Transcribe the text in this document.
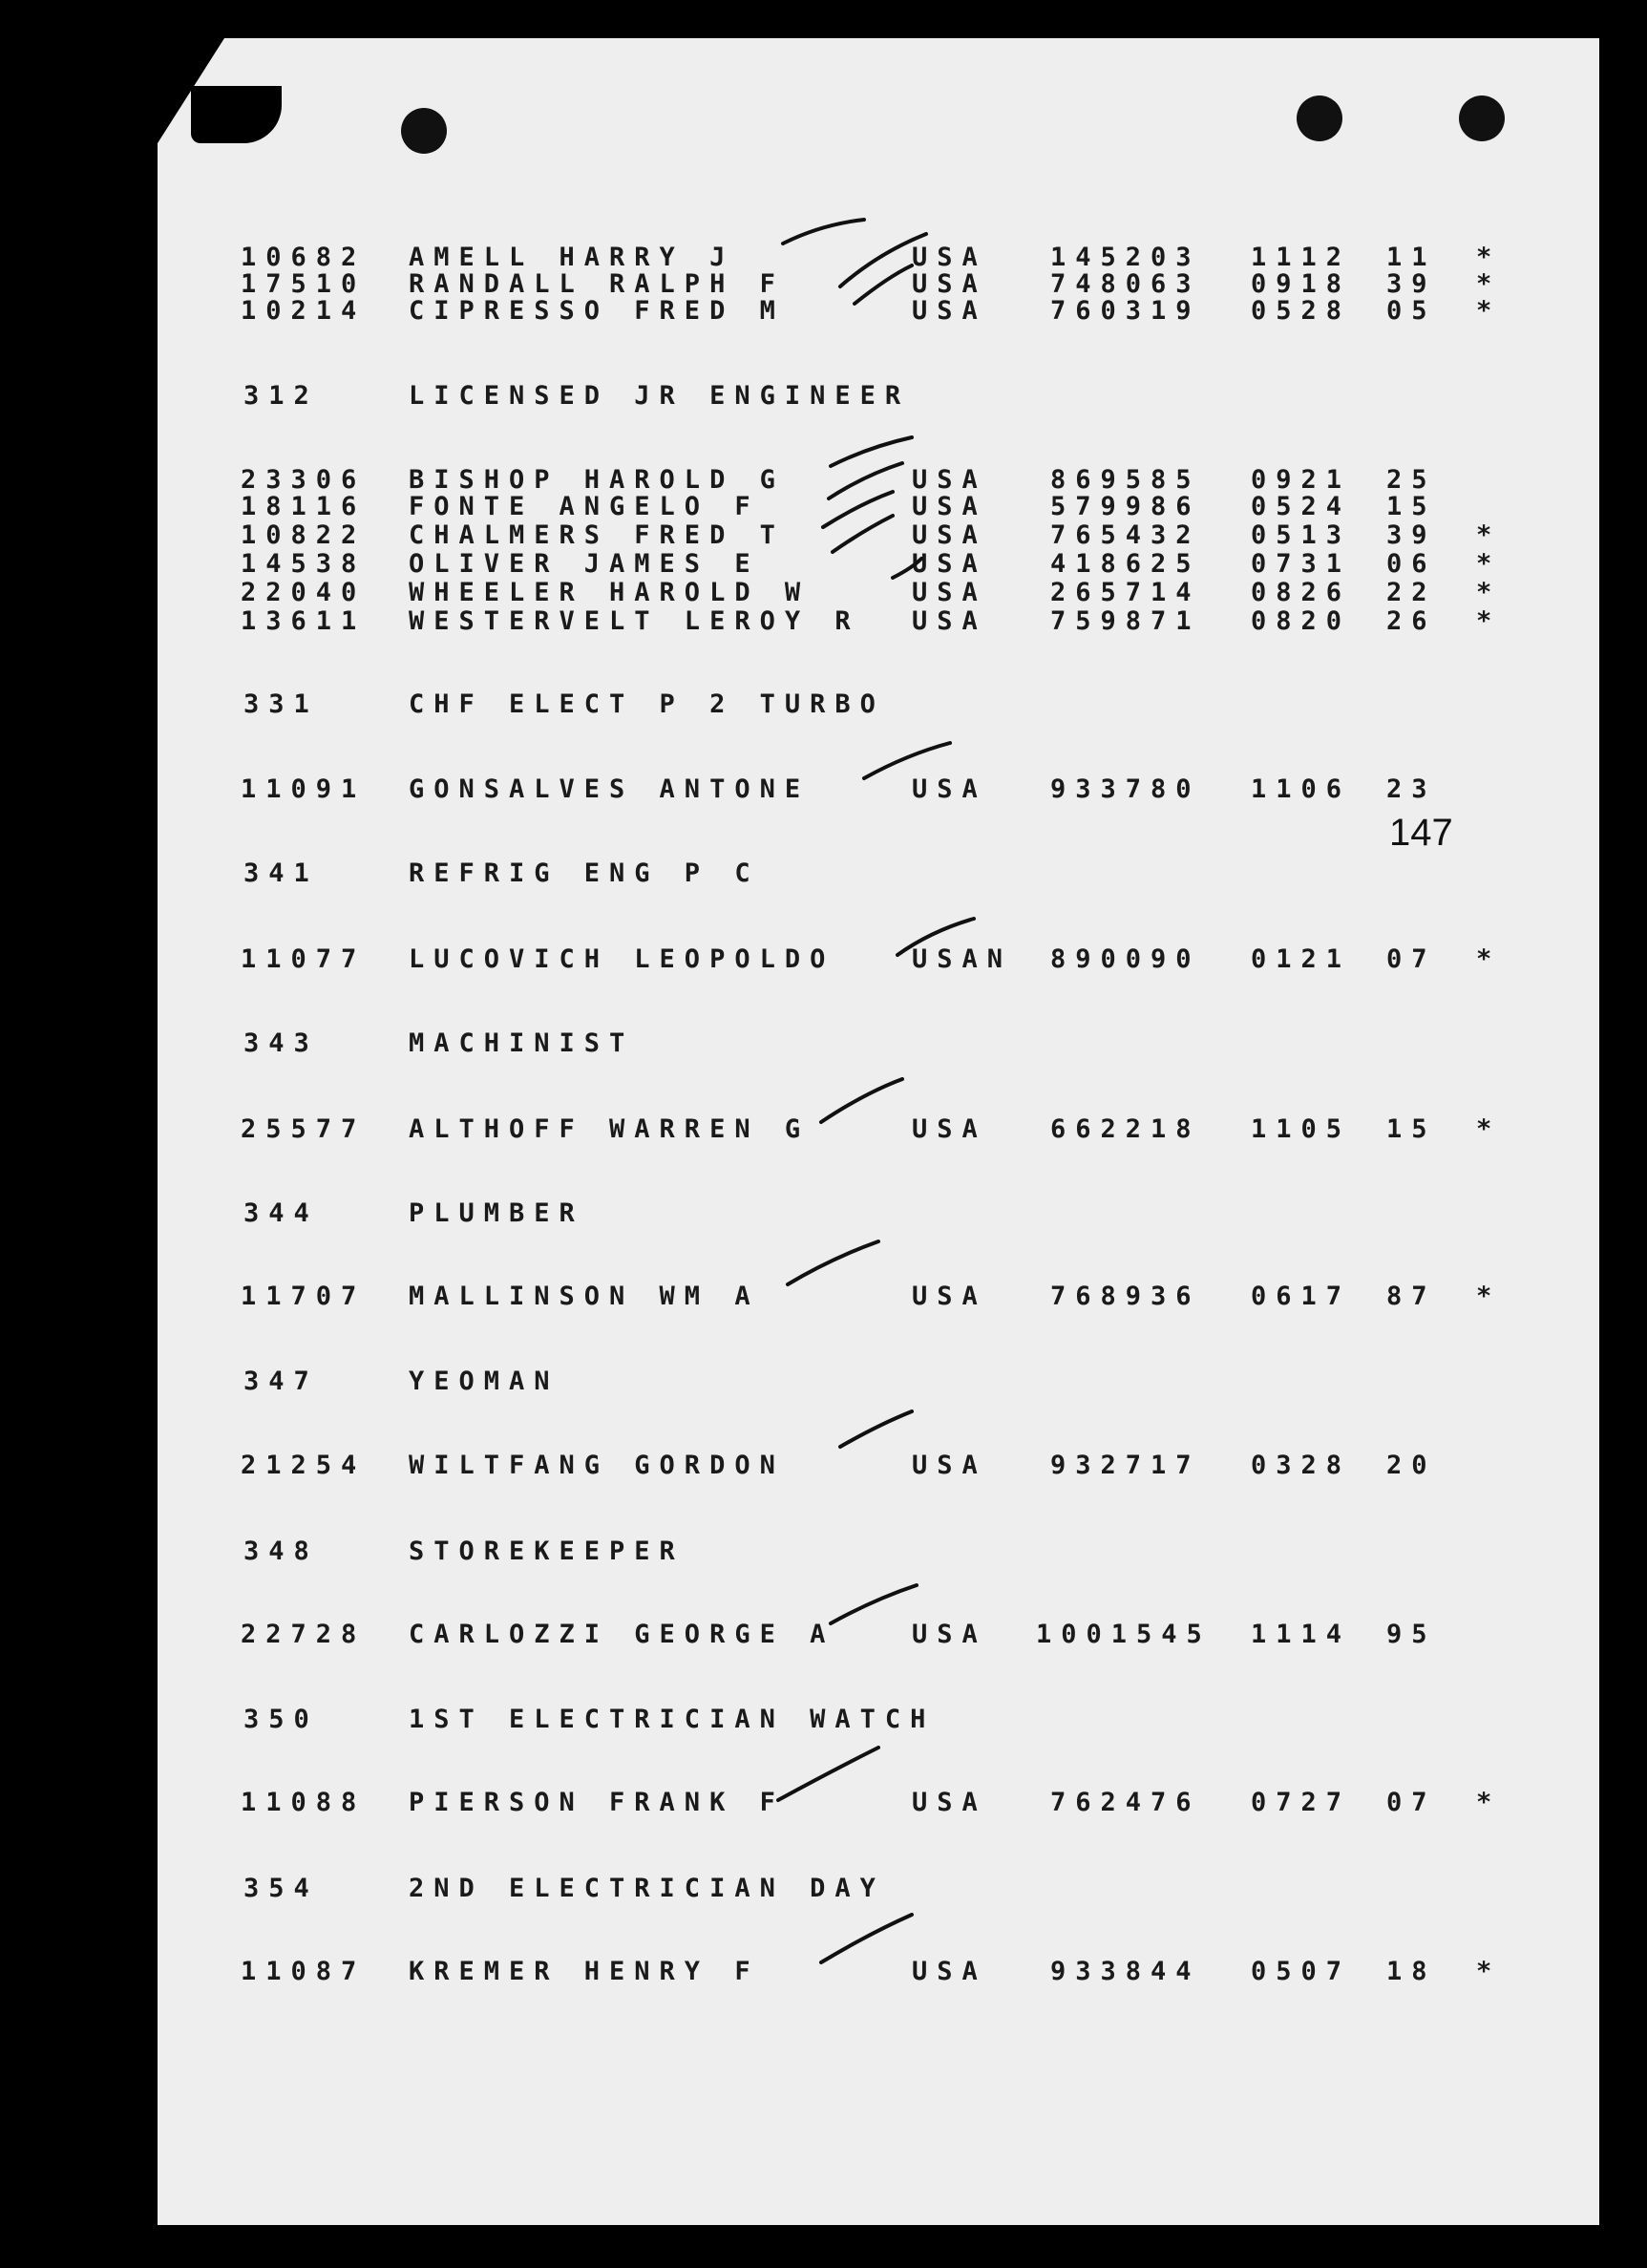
10682 AMELL HARRY J	USA 145203 1112 11 *
17510 RANDALL RALPH F	USA 748063 0918 39 *
10214 CIPRESSO FRED M	USA 760319 0528 05 *
312	LICENSED JR ENGINEER
23306 BISHOP HAROLD G	USA 869585 0921 25
18116 FONTE ANGELO F	USA 579986 0524 15
10822 CHALMERS FRED T	USA 765432 0513 39 *
14538 OLIVER JAMES E	USA 418625 0731 06 *
22040 WHEELER HAROLD W	USA 265714 0826 22 *
13611 WESTERVELT LEROY R USA 759871 0820 26 *
331	CHF ELECT P 2 TURBO
11091 GONSALVES ANTONE	USA 933780 1106 23
341	REFRIG ENG P C
11077 LUCOVICH LEOPOLDO	USAN 890090 0121 07 *
343	MACHINIST
25577 ALTHOFF WARREN G	USA 662218 1105 15 *
344	PLUMBER
11707 MALLINSON WM A	USA 768936 0617 87 *
347	YEOMAN
21254 WILTFANG GORDON	USA 932717 0328 20
348	STOREKEEPER
22728 CARLOZZI GEORGE A	USA 1001545 1114 95
350	1ST ELECTRICIAN WATCH
11088 PIERSON FRANK F	USA 762476 0727 07 *
354	2ND ELECTRICIAN DAY
11087 KREMER HENRY F	USA 933844 0507 18 *
147
